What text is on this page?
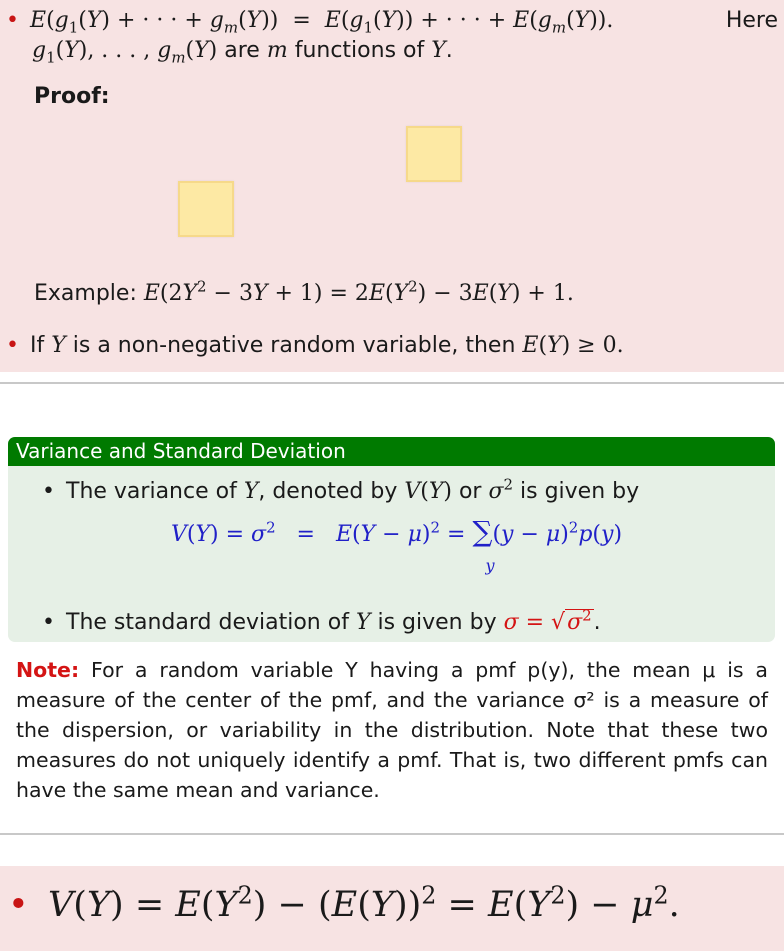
• $E(g_1(Y)$ + · · · + $g_m(Y)) = E(g_1(Y))$ + · · · + $E(g_m(Y))$.	Here
$g_1(Y)$, . . . , $g_m(Y)$ are m functions of Y.
Proof:
Example: $E(2Y^2 - 3Y + 1) = 2E(Y^2) - 3E(Y) + 1$.
• If Y is a non-negative random variable, then E(Y) ≥ 0.
Variance and Standard Deviation
• The variance of Y, denoted by V(Y) or $\sigma^2$ is given by
$V(Y) = \sigma^2 = E(Y - \mu)^2$ = ∑
y
$(y - \mu)^2p(y)$
• The standard deviation of Y is given by $\sigma = √\sigma^2$.
Note: For a random variable Y having a pmf p(y), the mean μ is a measure of the center of the pmf, and the variance σ² is a measure of the dispersion, or variability in the distribution. Note that these two measures do not uniquely identify a pmf. That is, two different pmfs can have the same mean and variance.
• $V(Y) = E(Y^2) - (E(Y))^2 = E(Y^2) - \mu^2$.
